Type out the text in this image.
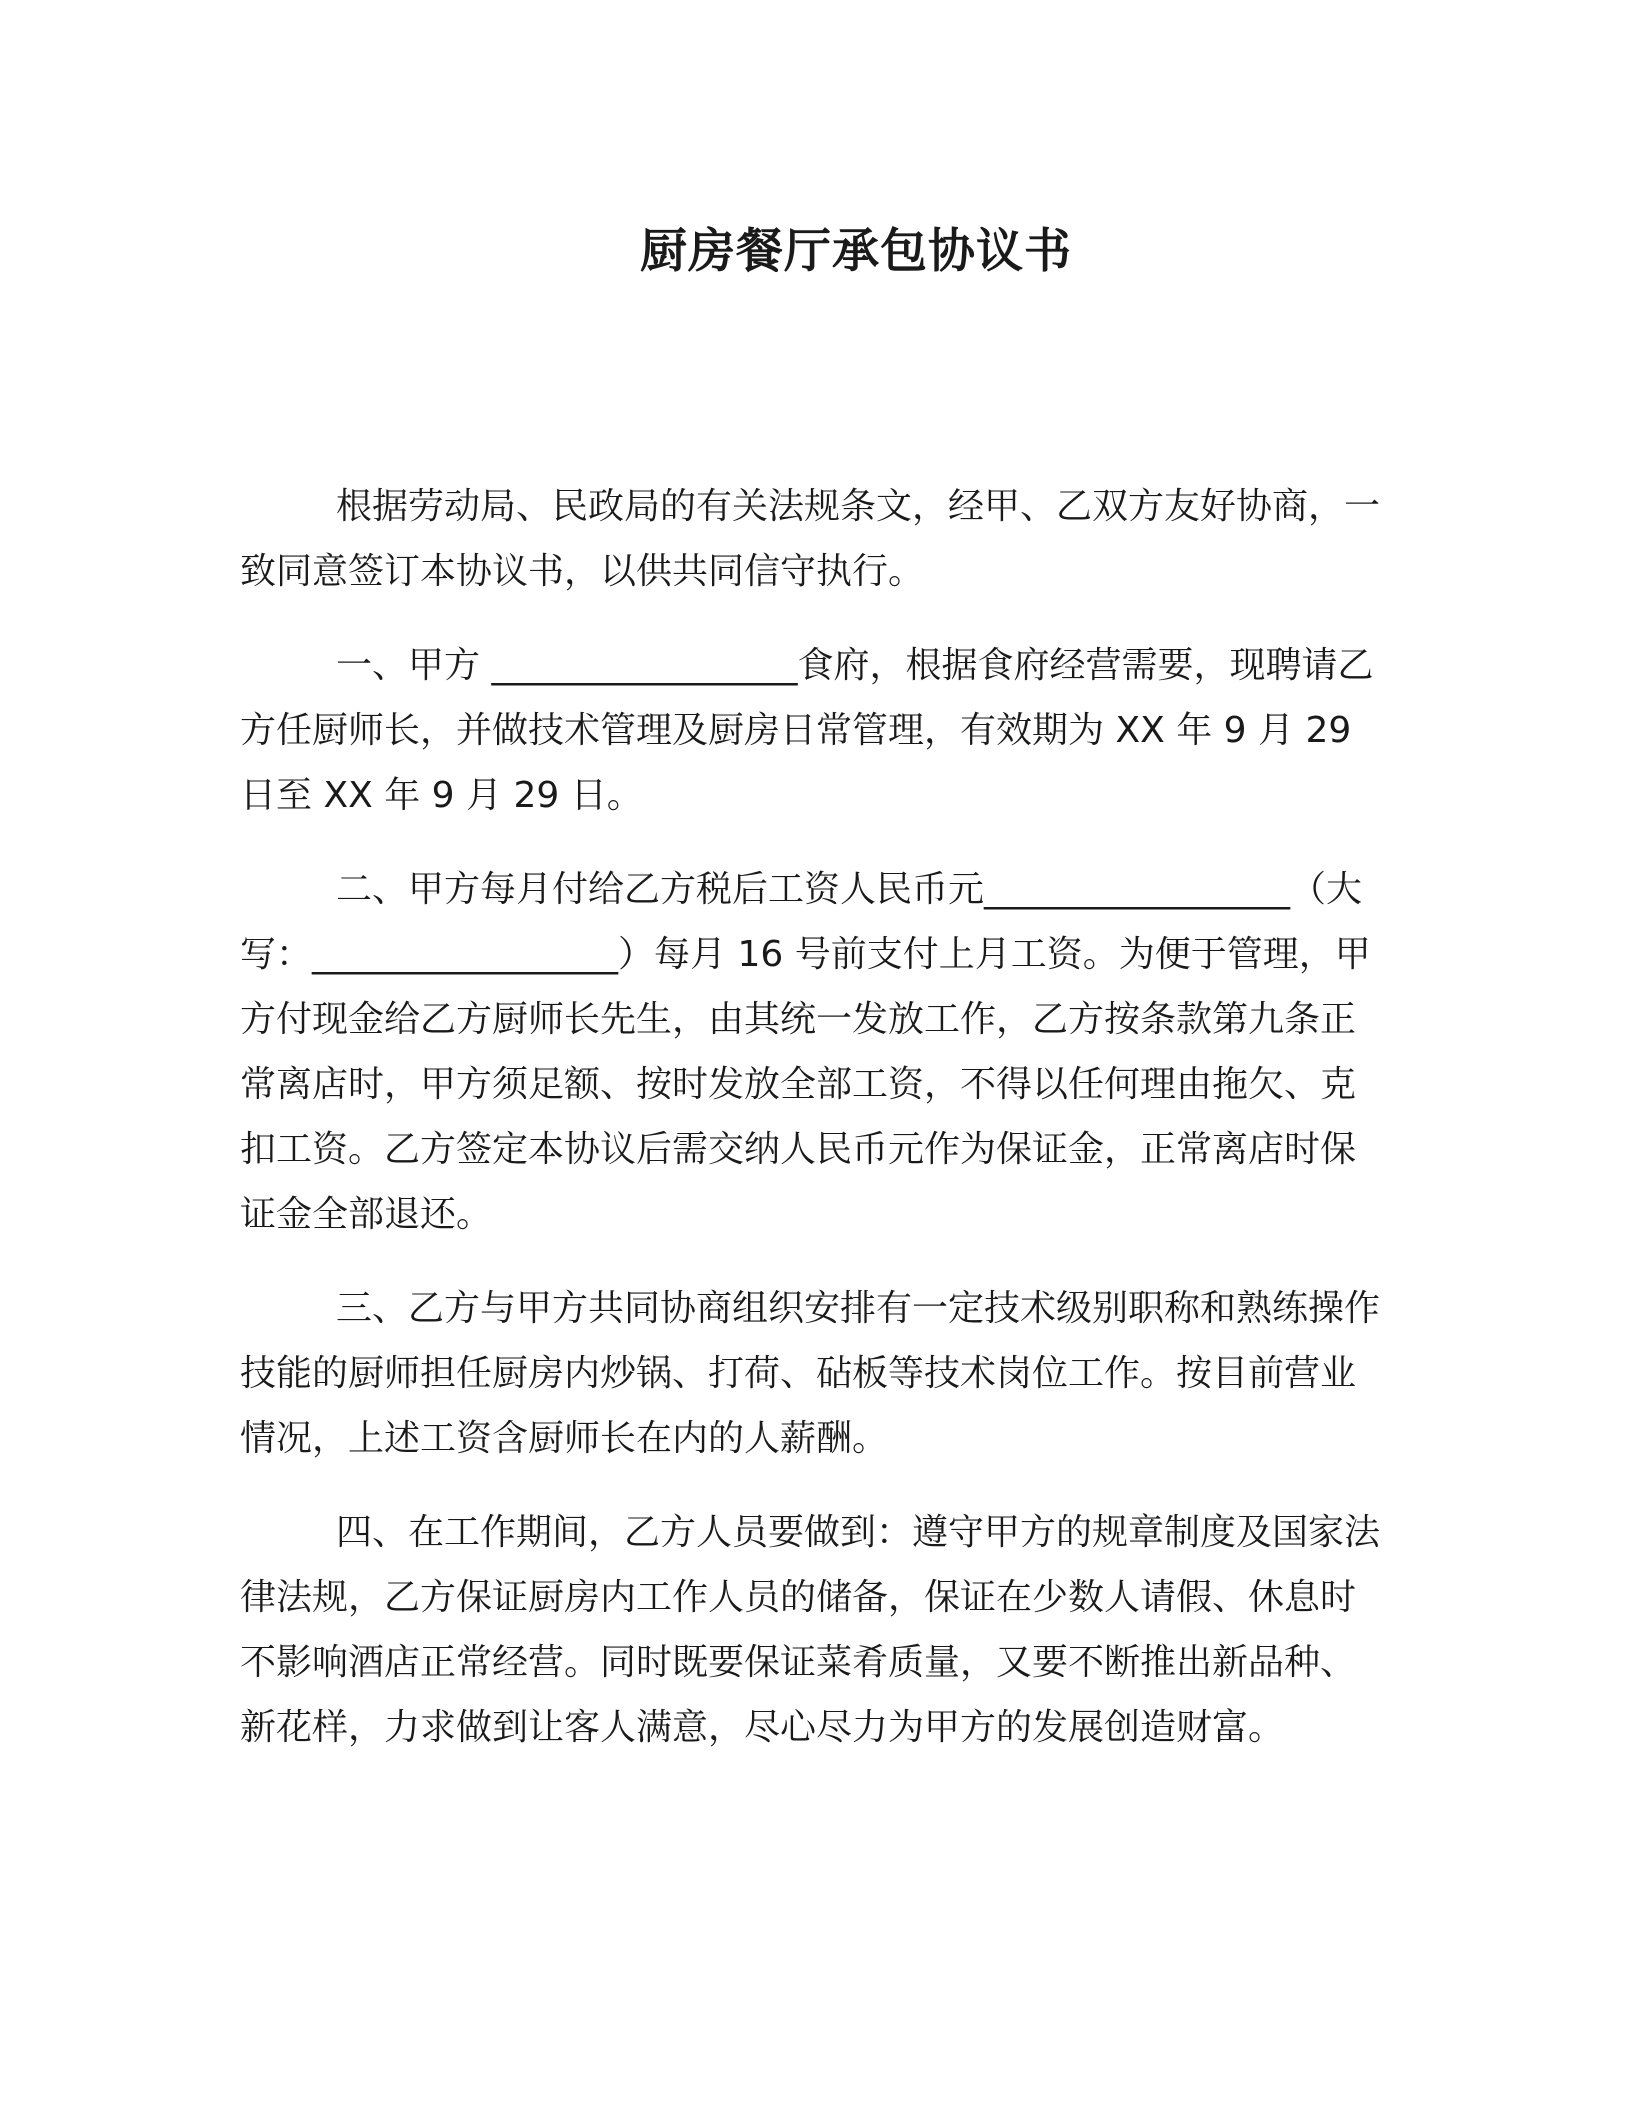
厨房餐厅承包协议书

根据劳动局、民政局的有关法规条文，经甲、乙双方友好协商，一致同意签订本协议书，以供共同信守执行。

一、甲方 _________________食府，根据食府经营需要，现聘请乙方任厨师长，并做技术管理及厨房日常管理，有效期为 XX 年 9 月 29 日至 XX 年 9 月 29 日。

二、甲方每月付给乙方税后工资人民币元_________________（大写：_________________）每月 16 号前支付上月工资。为便于管理，甲方付现金给乙方厨师长先生，由其统一发放工作，乙方按条款第九条正常离店时，甲方须足额、按时发放全部工资，不得以任何理由拖欠、克扣工资。乙方签定本协议后需交纳人民币元作为保证金，正常离店时保证金全部退还。

三、乙方与甲方共同协商组织安排有一定技术级别职称和熟练操作技能的厨师担任厨房内炒锅、打荷、砧板等技术岗位工作。按目前营业情况，上述工资含厨师长在内的人薪酬。

四、在工作期间，乙方人员要做到：遵守甲方的规章制度及国家法律法规，乙方保证厨房内工作人员的储备，保证在少数人请假、休息时不影响酒店正常经营。同时既要保证菜肴质量，又要不断推出新品种、新花样，力求做到让客人满意，尽心尽力为甲方的发展创造财富。
